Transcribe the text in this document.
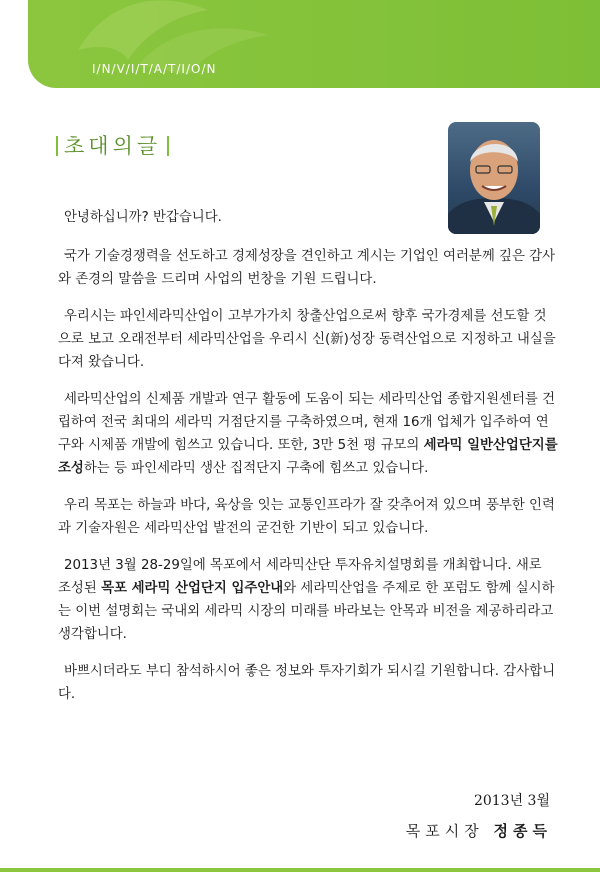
I/N/V/I/T/A/T/I/O/N
초대의글

안녕하십니까? 반갑습니다.

국가 기술경쟁력을 선도하고 경제성장을 견인하고 계시는 기업인 여러분께 깊은 감사와 존경의 말씀을 드리며 사업의 번창을 기원 드립니다.

우리시는 파인세라믹산업이 고부가가치 창출산업으로써 향후 국가경제를 선도할 것으로 보고 오래전부터 세라믹산업을 우리시 신(新)성장 동력산업으로 지정하고 내실을 다져 왔습니다.

세라믹산업의 신제품 개발과 연구 활동에 도움이 되는 세라믹산업 종합지원센터를 건립하여 전국 최대의 세라믹 거점단지를 구축하였으며, 현재 16개 업체가 입주하여 연구와 시제품 개발에 힘쓰고 있습니다. 또한, 3만 5천 평 규모의 세라믹 일반산업단지를 조성하는 등 파인세라믹 생산 집적단지 구축에 힘쓰고 있습니다.

우리 목포는 하늘과 바다, 육상을 잇는 교통인프라가 잘 갖추어져 있으며 풍부한 인력과 기술자원은 세라믹산업 발전의 굳건한 기반이 되고 있습니다.

2013년 3월 28-29일에 목포에서 세라믹산단 투자유치설명회를 개최합니다. 새로 조성된 목포 세라믹 산업단지 입주안내와 세라믹산업을 주제로 한 포럼도 함께 실시하는 이번 설명회는 국내외 세라믹 시장의 미래를 바라보는 안목과 비전을 제공하리라고 생각합니다.

바쁘시더라도 부디 참석하시어 좋은 정보와 투자기회가 되시길 기원합니다. 감사합니다.

2013년 3월
목포시장 정종득
